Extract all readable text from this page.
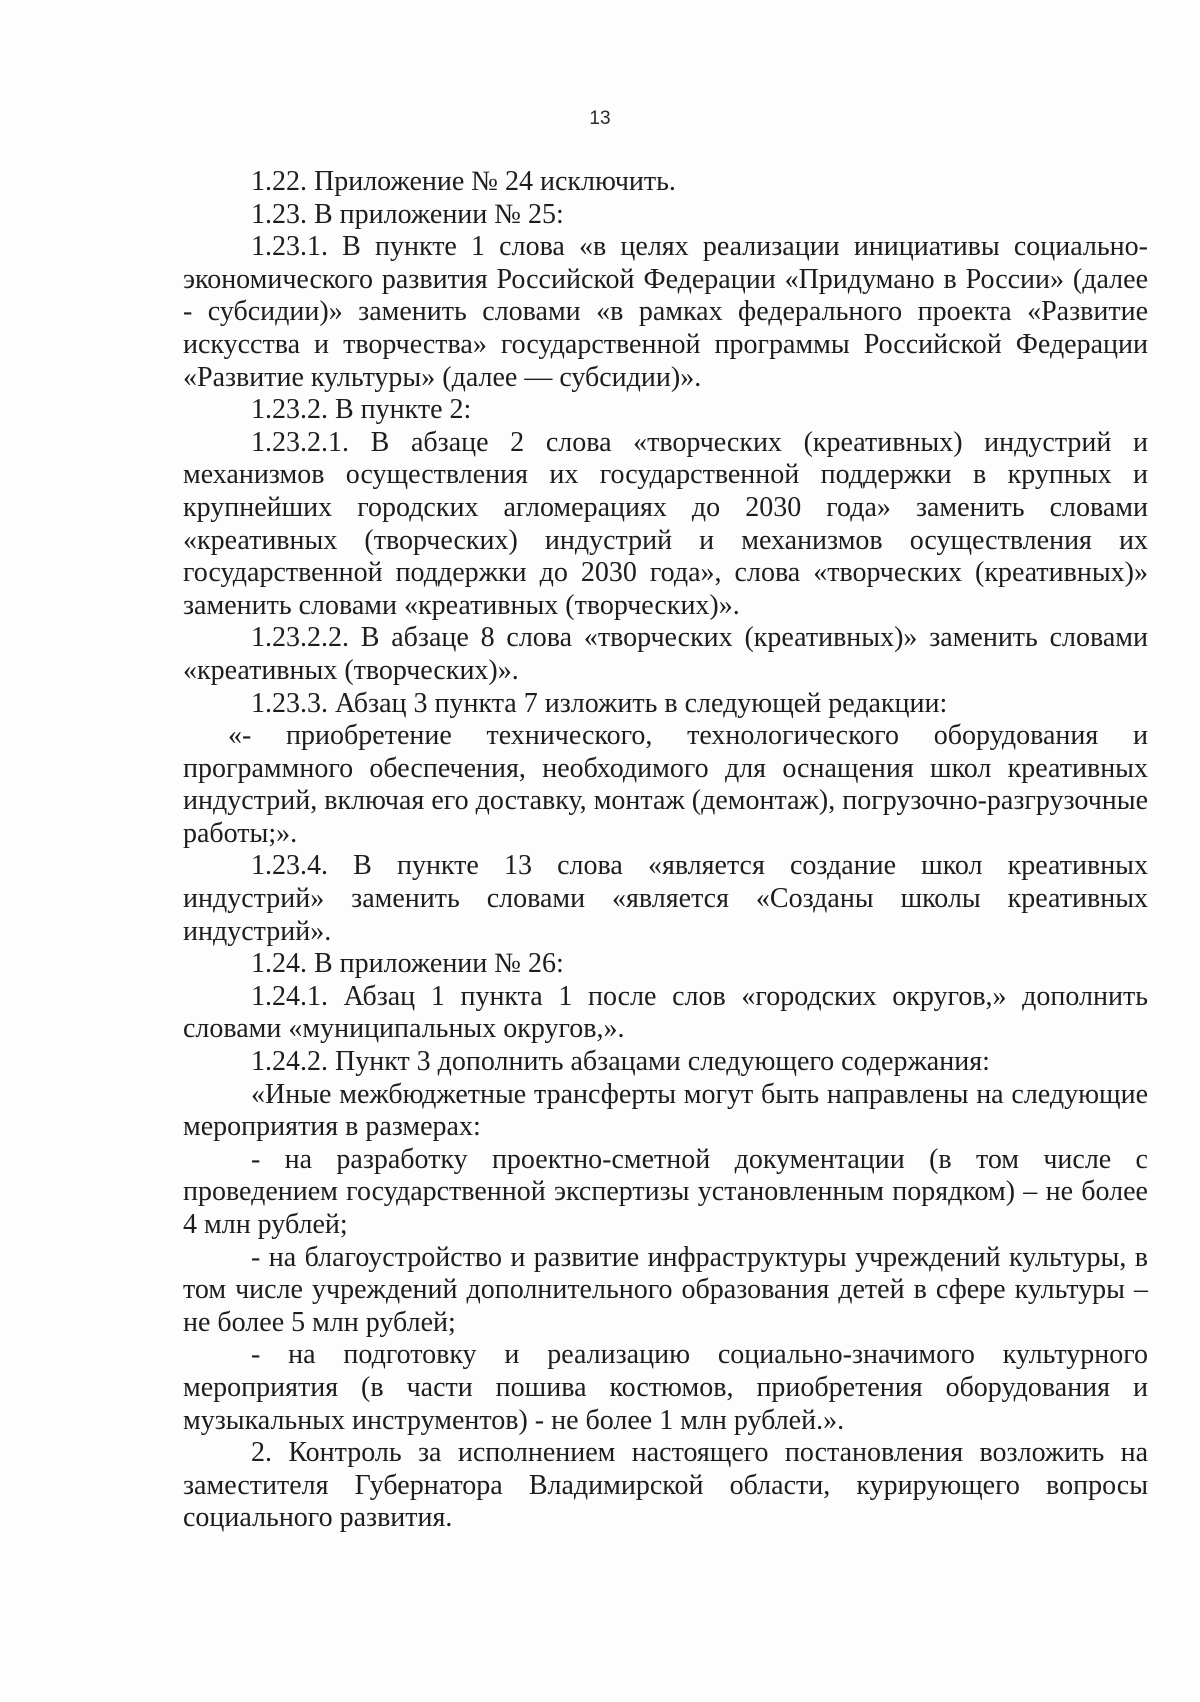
13

1.22. Приложение № 24 исключить.

1.23. В приложении № 25:

1.23.1. В пункте 1 слова «в целях реализации инициативы социально-экономического развития Российской Федерации «Придумано в России» (далее - субсидии)» заменить словами «в рамках федерального проекта «Развитие искусства и творчества» государственной программы Российской Федерации «Развитие культуры» (далее — субсидии)».

1.23.2. В пункте 2:

1.23.2.1. В абзаце 2 слова «творческих (креативных) индустрий и механизмов осуществления их государственной поддержки в крупных и крупнейших городских агломерациях до 2030 года» заменить словами «креативных (творческих) индустрий и механизмов осуществления их государственной поддержки до 2030 года», слова «творческих (креативных)» заменить словами «креативных (творческих)».

1.23.2.2. В абзаце 8 слова «творческих (креативных)» заменить словами «креативных (творческих)».

1.23.3. Абзац 3 пункта 7 изложить в следующей редакции:

«- приобретение технического, технологического оборудования и программного обеспечения, необходимого для оснащения школ креативных индустрий, включая его доставку, монтаж (демонтаж), погрузочно-разгрузочные работы;».

1.23.4. В пункте 13 слова «является создание школ креативных индустрий» заменить словами «является «Созданы школы креативных индустрий».

1.24. В приложении № 26:

1.24.1. Абзац 1 пункта 1 после слов «городских округов,» дополнить словами «муниципальных округов,».

1.24.2. Пункт 3 дополнить абзацами следующего содержания:

«Иные межбюджетные трансферты могут быть направлены на следующие мероприятия в размерах:

- на разработку проектно-сметной документации (в том числе с проведением государственной экспертизы установленным порядком) – не более 4 млн рублей;

- на благоустройство и развитие инфраструктуры учреждений культуры, в том числе учреждений дополнительного образования детей в сфере культуры – не более 5 млн рублей;

- на подготовку и реализацию социально-значимого культурного мероприятия (в части пошива костюмов, приобретения оборудования и музыкальных инструментов) - не более 1 млн рублей.».

2. Контроль за исполнением настоящего постановления возложить на заместителя Губернатора Владимирской области, курирующего вопросы социального развития.
